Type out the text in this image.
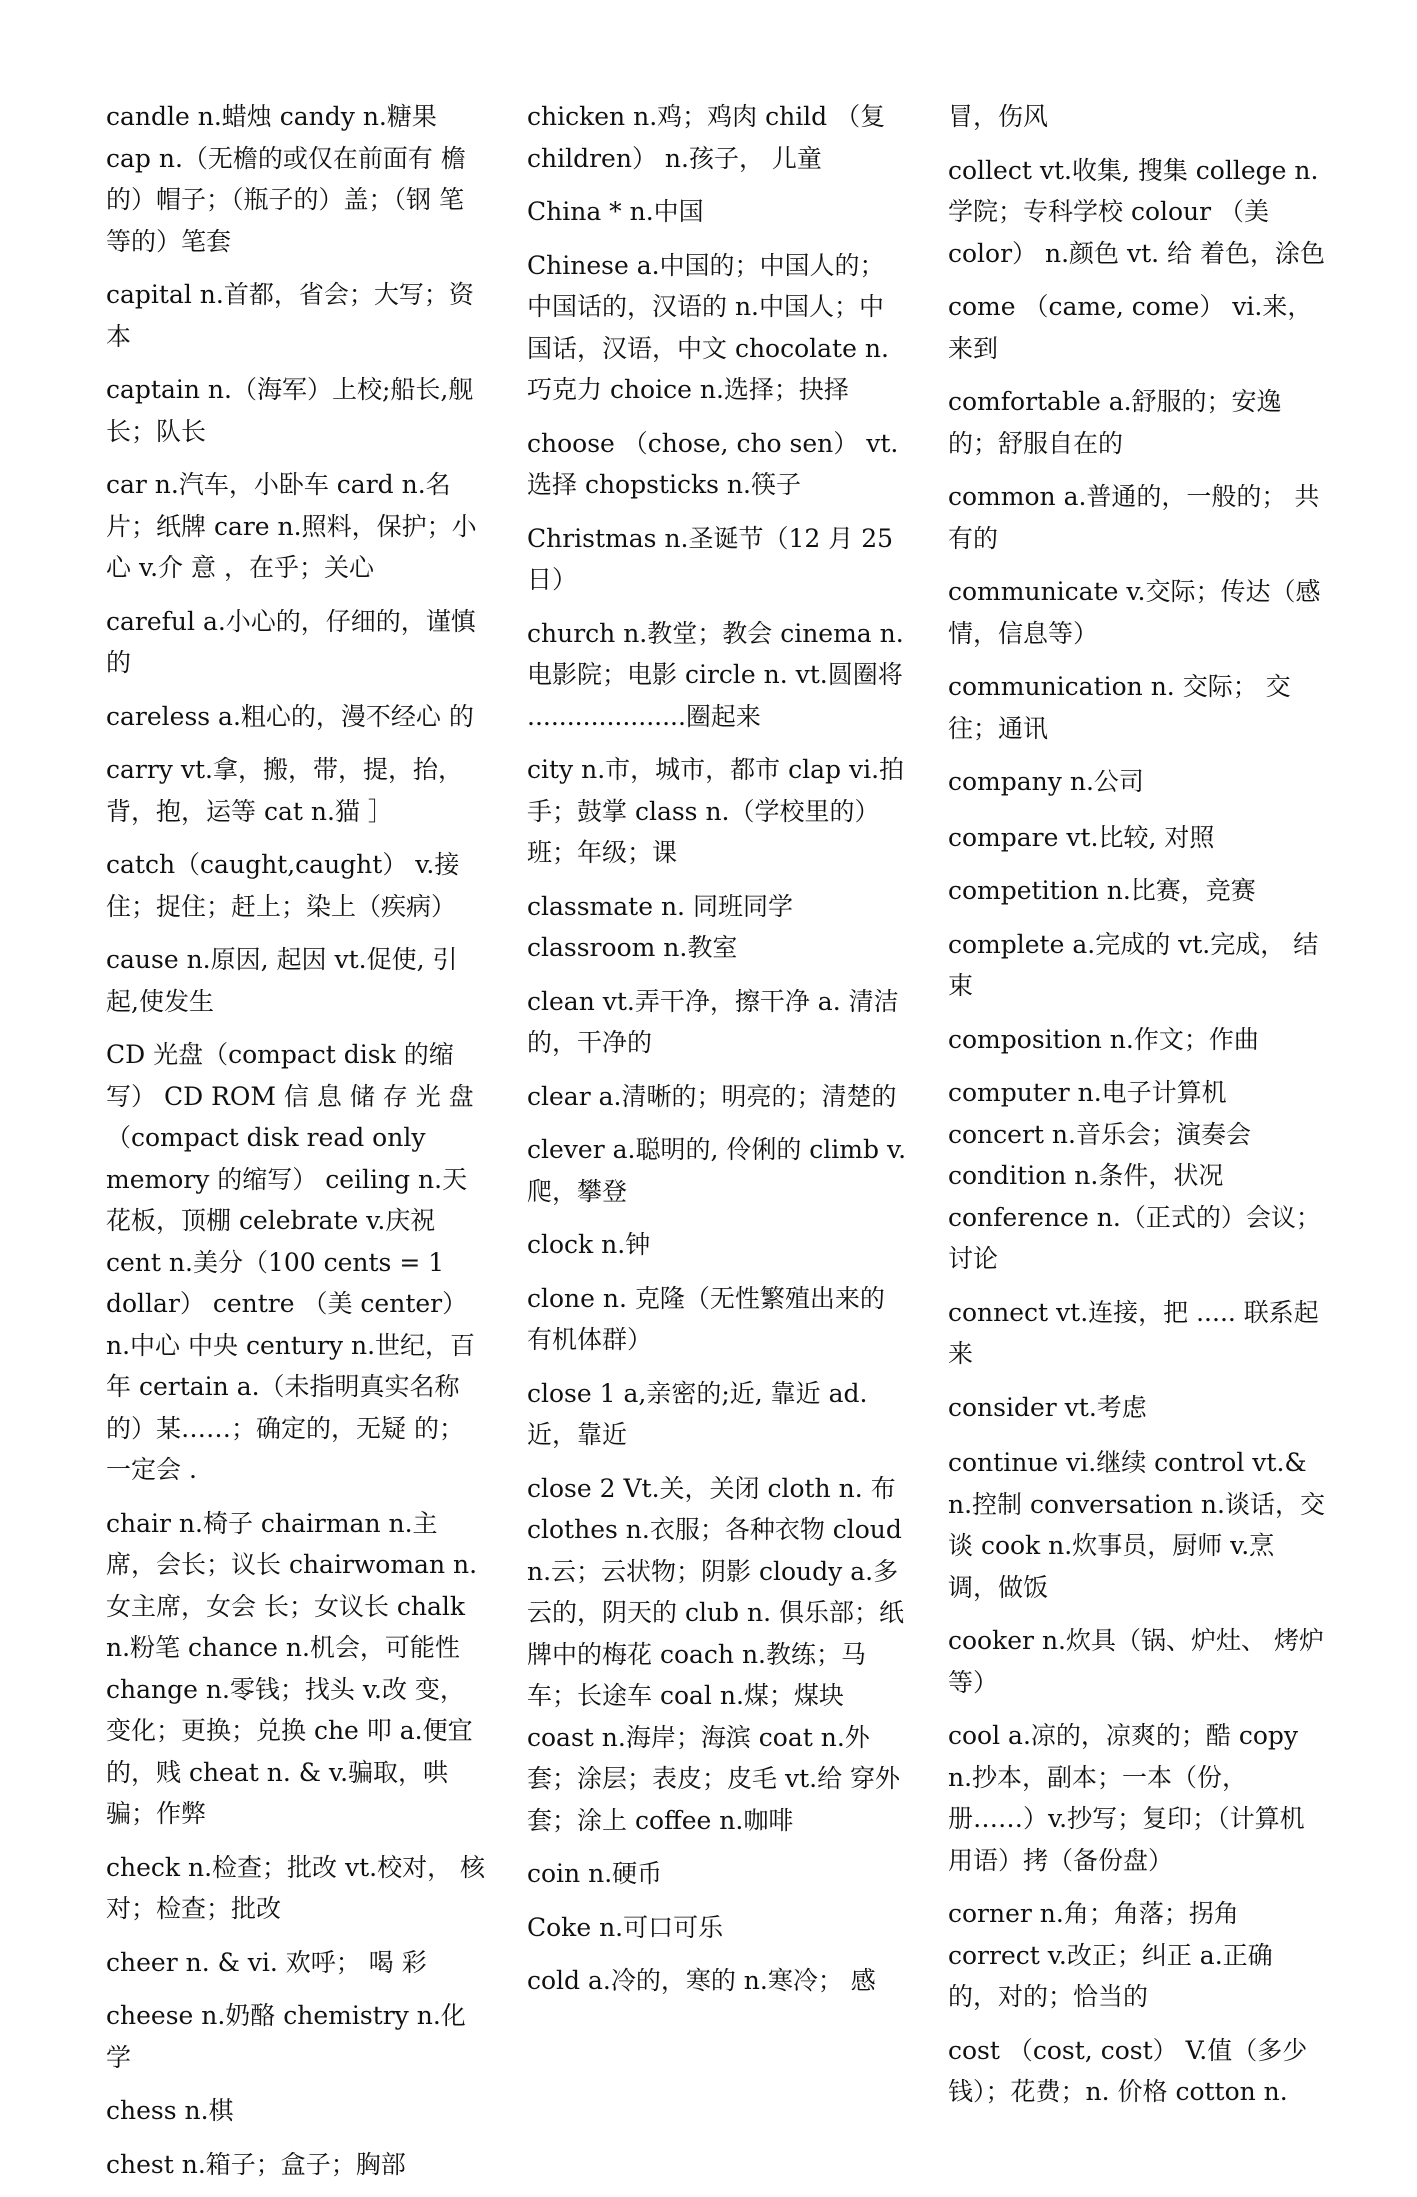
candle n.蜡烛 candy n.糖果 cap n.（无檐的或仅在前面有 檐的）帽子；（瓶子的）盖；（钢 笔等的）笔套

capital n.首都，省会；大写；资本

captain n.（海军）上校;船长,舰长；队长

car n.汽车，小卧车 card n.名片；纸牌 care n.照料，保护；小心 v.介 意 ，在乎；关心

careful a.小心的，仔细的，谨慎的

careless a.粗心的，漫不经心 的

carry vt.拿，搬，带，提，抬，背，抱，运等 cat n.猫 ］

catch（caught,caught） v.接住；捉住；赶上；染上（疾病）

cause n.原因, 起因 vt.促使, 引起,使发生

CD 光盘（compact disk 的缩 写） CD ROM 信 息 储 存 光 盘（compact disk read only memory 的缩写） ceiling n.天花板，顶棚 celebrate v.庆祝 cent n.美分（100 cents = 1 dollar） centre （美 center） n.中心 中央 century n.世纪，百年 certain a.（未指明真实名称 的）某……；确定的，无疑 的；一定会 .

chair n.椅子 chairman n.主席，会长；议长 chairwoman n.女主席，女会 长；女议长 chalk n.粉笔 chance n.机会，可能性 change n.零钱；找头 v.改 变，变化；更换；兑换 che 叩 a.便宜的，贱 cheat n. & v.骗取，哄骗；作弊

check n.检查；批改 vt.校对， 核对；检查；批改

cheer n. & vi. 欢呼； 喝 彩

cheese n.奶酪 chemistry n.化学

chess n.棋

chest n.箱子；盒子；胸部

chicken n.鸡；鸡肉 child （复 children） n.孩子， 儿童

China * n.中国

Chinese a.中国的；中国人的；中国话的，汉语的 n.中国人；中国话，汉语，中文 chocolate n.巧克力 choice n.选择；抉择

choose （chose, cho sen） vt. 选择 chopsticks n.筷子

Christmas n.圣诞节（12 月 25 日）

church n.教堂；教会 cinema n.电影院；电影 circle n. vt.圆圈将 ....................圈起来

city n.市，城市，都市 clap vi.拍手；鼓掌 class n.（学校里的）班；年级；课

classmate n. 同班同学 classroom n.教室

clean vt.弄干净，擦干净 a. 清洁的，干净的

clear a.清晰的；明亮的；清楚的

clever a.聪明的, 伶俐的 climb v.爬，攀登

clock n.钟

clone n. 克隆（无性繁殖出来的有机体群）

close 1 a,亲密的;近, 靠近 ad.近，靠近

close 2 Vt.关，关闭 cloth n. 布 clothes n.衣服；各种衣物 cloud n.云；云状物；阴影 cloudy a.多云的，阴天的 club n. 俱乐部；纸牌中的梅花 coach n.教练；马车；长途车 coal n.煤；煤块 coast n.海岸；海滨 coat n.外套；涂层；表皮；皮毛 vt.给 穿外套；涂上 coffee n.咖啡

coin n.硬币

Coke n.可口可乐

cold a.冷的，寒的 n.寒冷； 感

冒，伤风

collect vt.收集, 搜集 college n.学院；专科学校 colour （美 color） n.颜色 vt. 给 着色，涂色

come （came, come） vi.来，来到

comfortable a.舒服的；安逸的；舒服自在的

common a.普通的，一般的； 共有的

communicate v.交际；传达（感情，信息等）

communication n. 交际； 交往；通讯

company n.公司

compare vt.比较, 对照

competition n.比赛，竞赛

complete a.完成的 vt.完成， 结束

composition n.作文；作曲

computer n.电子计算机 concert n.音乐会；演奏会 condition n.条件，状况 conference n.（正式的）会议； 讨论

connect vt.连接，把 ..... 联系起来

consider vt.考虑

continue vi.继续 control vt.& n.控制 conversation n.谈话，交谈 cook n.炊事员，厨师 v.烹 调，做饭

cooker n.炊具（锅、炉灶、 烤炉等）

cool a.凉的，凉爽的；酷 copy n.抄本，副本；一本（份，册……）v.抄写；复印；（计算机用语）拷（备份盘）

corner n.角；角落；拐角 correct v.改正；纠正 a.正确 的，对的；恰当的

cost （cost, cost） V.值（多少钱）；花费；n. 价格 cotton n.
